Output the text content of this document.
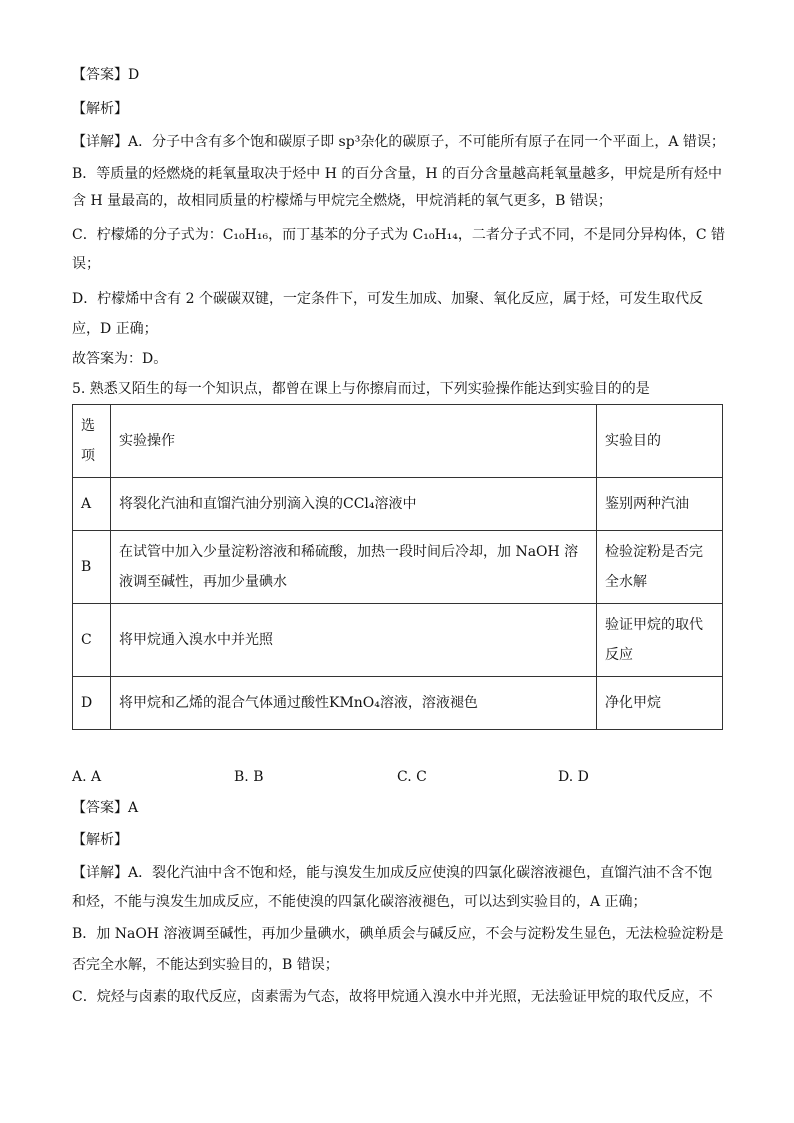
【答案】D
【解析】
【详解】A．分子中含有多个饱和碳原子即 sp³杂化的碳原子，不可能所有原子在同一个平面上，A 错误；
B．等质量的烃燃烧的耗氧量取决于烃中 H 的百分含量，H 的百分含量越高耗氧量越多，甲烷是所有烃中
含 H 量最高的，故相同质量的柠檬烯与甲烷完全燃烧，甲烷消耗的氧气更多，B 错误；
C．柠檬烯的分子式为：C₁₀H₁₆，而丁基苯的分子式为 C₁₀H₁₄，二者分子式不同，不是同分异构体，C 错
误；
D．柠檬烯中含有 2 个碳碳双键，一定条件下，可发生加成、加聚、氧化反应，属于烃，可发生取代反
应，D 正确；
故答案为：D。
5. 熟悉又陌生的每一个知识点，都曾在课上与你擦肩而过，下列实验操作能达到实验目的的是
选项	实验操作	实验目的
A	将裂化汽油和直馏汽油分别滴入溴的CCl₄溶液中	鉴别两种汽油
B	在试管中加入少量淀粉溶液和稀硫酸，加热一段时间后冷却，加 NaOH 溶液调至碱性，再加少量碘水	检验淀粉是否完全水解
C	将甲烷通入溴水中并光照	验证甲烷的取代反应
D	将甲烷和乙烯的混合气体通过酸性KMnO₄溶液，溶液褪色	净化甲烷
A. A	B. B	C. C	D. D
【答案】A
【解析】
【详解】A．裂化汽油中含不饱和烃，能与溴发生加成反应使溴的四氯化碳溶液褪色，直馏汽油不含不饱
和烃，不能与溴发生加成反应，不能使溴的四氯化碳溶液褪色，可以达到实验目的，A 正确；
B．加 NaOH 溶液调至碱性，再加少量碘水，碘单质会与碱反应，不会与淀粉发生显色，无法检验淀粉是
否完全水解，不能达到实验目的，B 错误；
C．烷烃与卤素的取代反应，卤素需为气态，故将甲烷通入溴水中并光照，无法验证甲烷的取代反应，不
